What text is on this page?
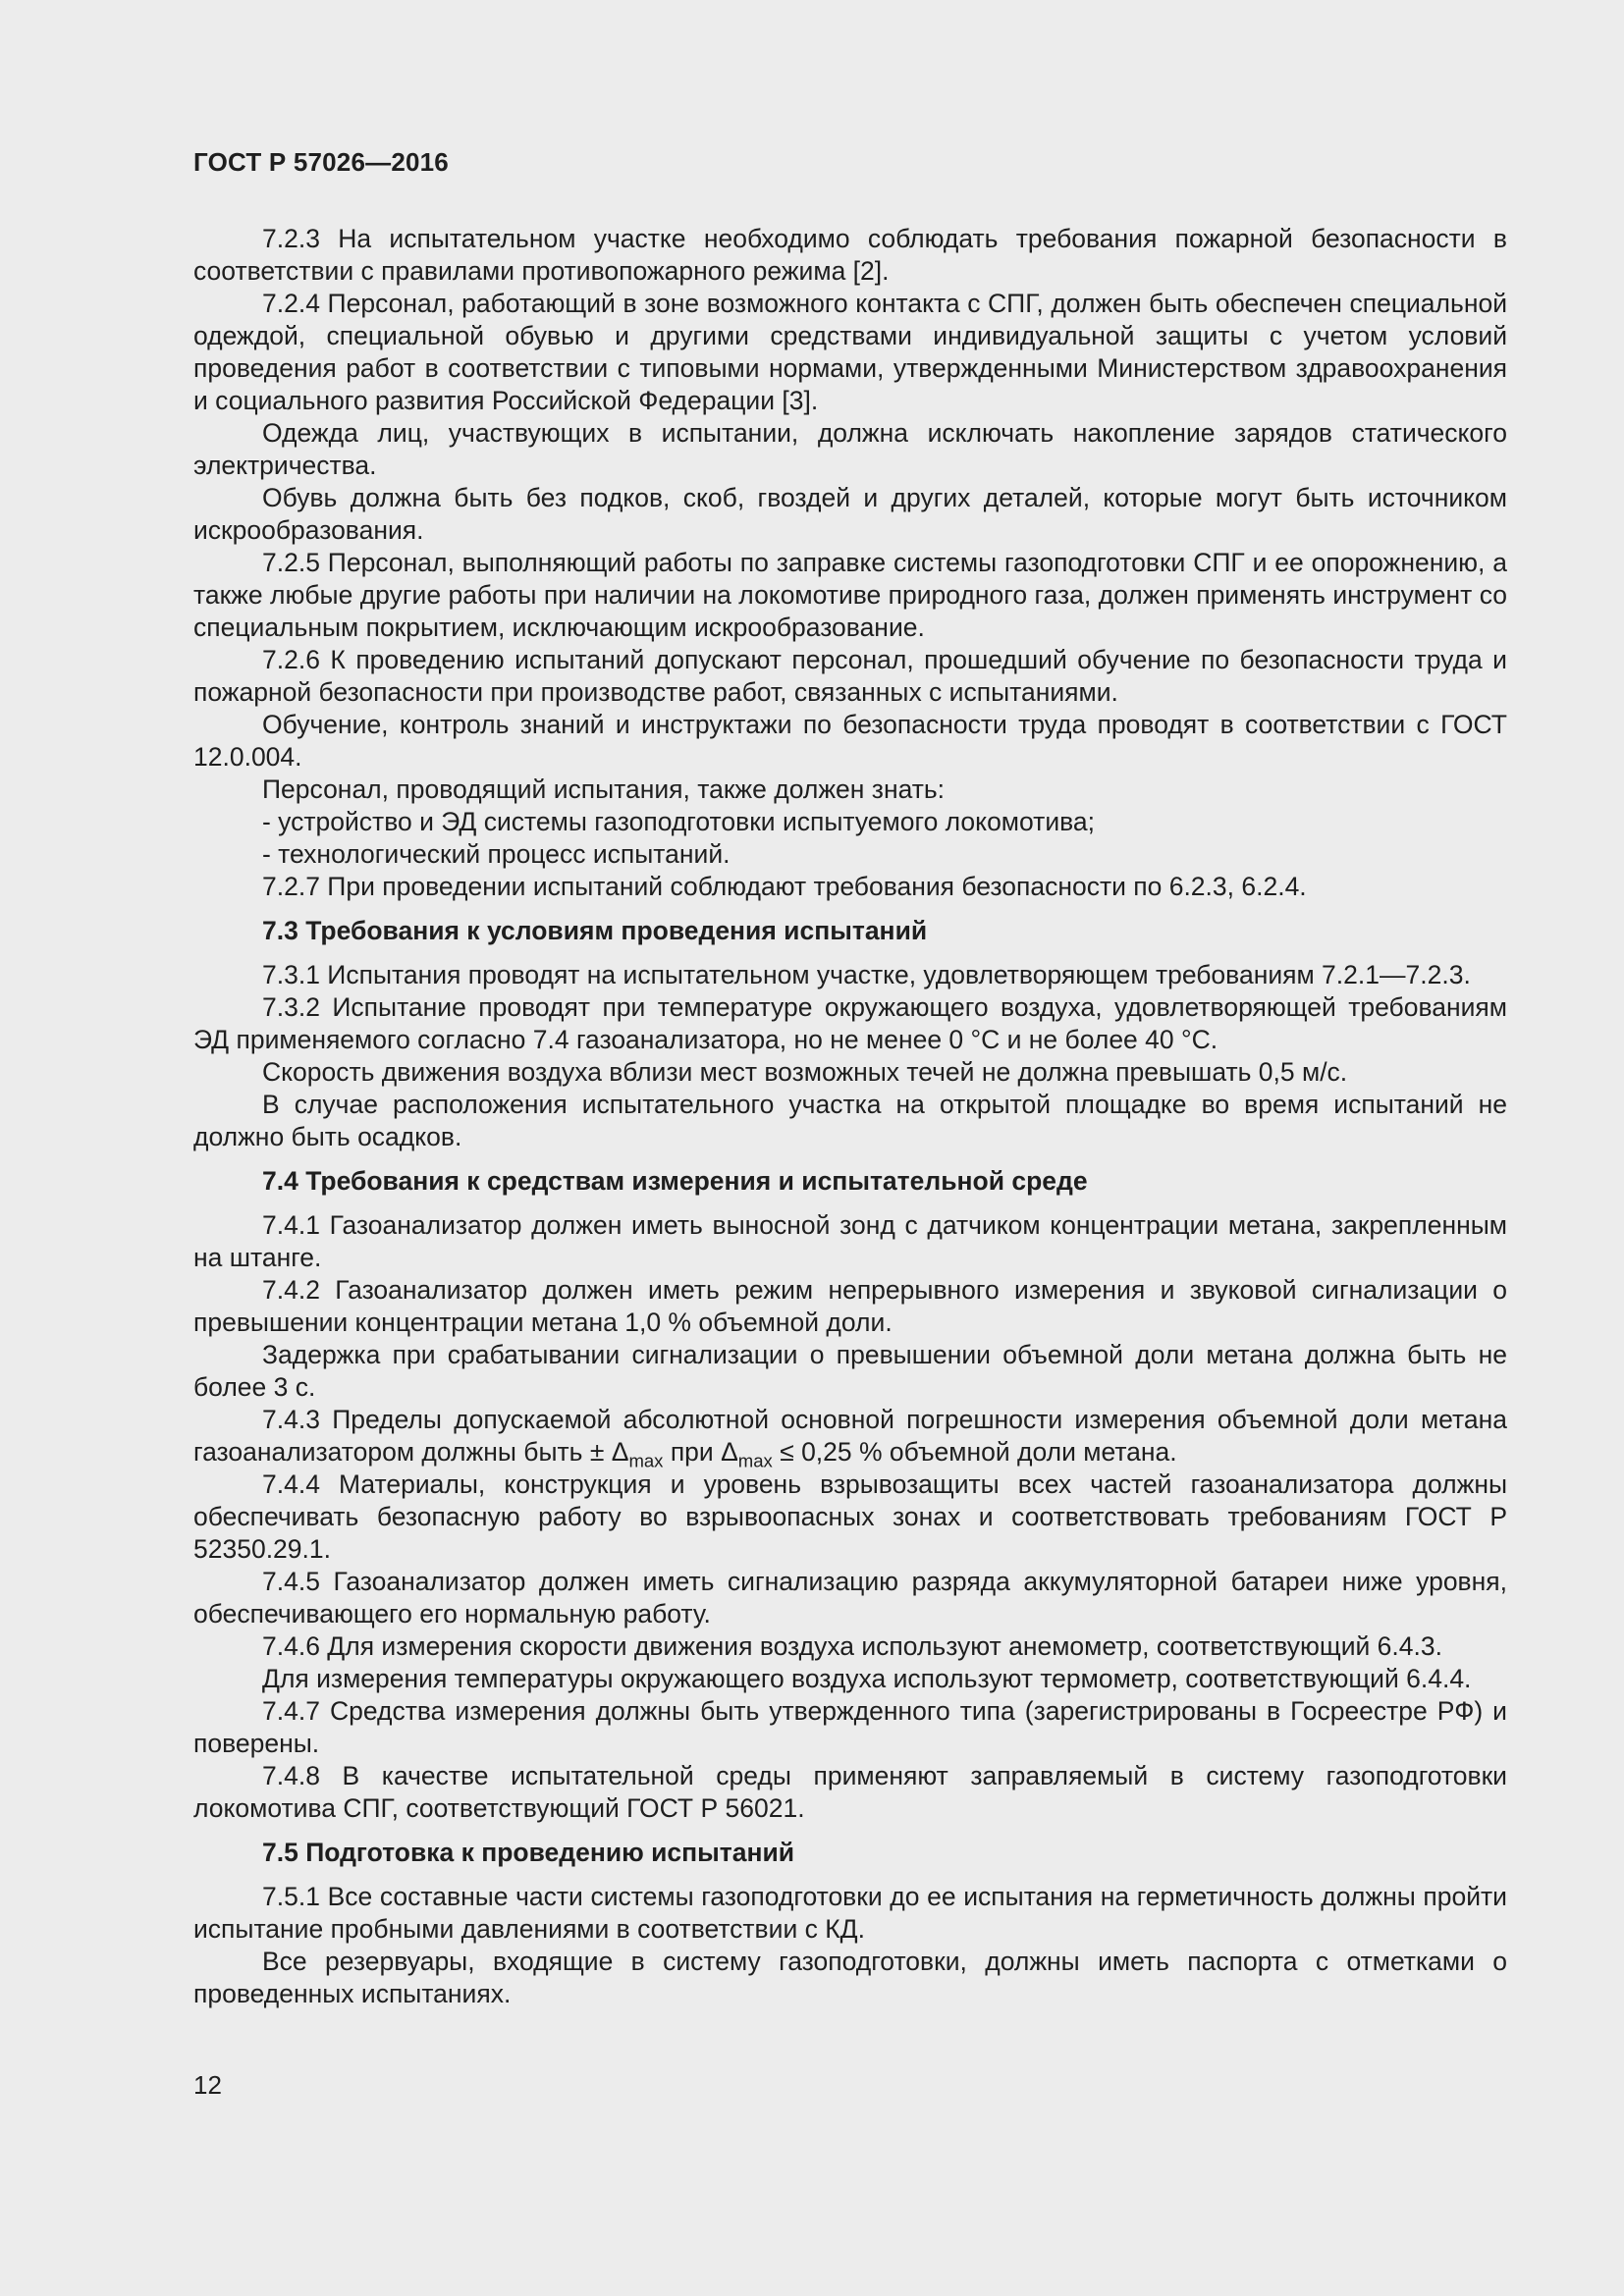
ГОСТ Р 57026—2016

7.2.3 На испытательном участке необходимо соблюдать требования пожарной безопасности в соответствии с правилами противопожарного режима [2].

7.2.4 Персонал, работающий в зоне возможного контакта с СПГ, должен быть обеспечен специальной одеждой, специальной обувью и другими средствами индивидуальной защиты с учетом условий проведения работ в соответствии с типовыми нормами, утвержденными Министерством здравоохранения и социального развития Российской Федерации [3].

Одежда лиц, участвующих в испытании, должна исключать накопление зарядов статического электричества.

Обувь должна быть без подков, скоб, гвоздей и других деталей, которые могут быть источником искрообразования.

7.2.5 Персонал, выполняющий работы по заправке системы газоподготовки СПГ и ее опорожнению, а также любые другие работы при наличии на локомотиве природного газа, должен применять инструмент со специальным покрытием, исключающим искрообразование.

7.2.6 К проведению испытаний допускают персонал, прошедший обучение по безопасности труда и пожарной безопасности при производстве работ, связанных с испытаниями.

Обучение, контроль знаний и инструктажи по безопасности труда проводят в соответствии с ГОСТ 12.0.004.

Персонал, проводящий испытания, также должен знать:

- устройство и ЭД системы газоподготовки испытуемого локомотива;

- технологический процесс испытаний.

7.2.7 При проведении испытаний соблюдают требования безопасности по 6.2.3, 6.2.4.

7.3 Требования к условиям проведения испытаний

7.3.1 Испытания проводят на испытательном участке, удовлетворяющем требованиям 7.2.1—7.2.3.

7.3.2 Испытание проводят при температуре окружающего воздуха, удовлетворяющей требованиям ЭД применяемого согласно 7.4 газоанализатора, но не менее 0 °С и не более 40 °С.

Скорость движения воздуха вблизи мест возможных течей не должна превышать 0,5 м/с.

В случае расположения испытательного участка на открытой площадке во время испытаний не должно быть осадков.

7.4 Требования к средствам измерения и испытательной среде

7.4.1 Газоанализатор должен иметь выносной зонд с датчиком концентрации метана, закрепленным на штанге.

7.4.2 Газоанализатор должен иметь режим непрерывного измерения и звуковой сигнализации о превышении концентрации метана 1,0 % объемной доли.

Задержка при срабатывании сигнализации о превышении объемной доли метана должна быть не более 3 с.

7.4.3 Пределы допускаемой абсолютной основной погрешности измерения объемной доли метана газоанализатором должны быть ± $\Delta_{max}$ при $\Delta_{max} \le 0,25$ % объемной доли метана.

7.4.4 Материалы, конструкция и уровень взрывозащиты всех частей газоанализатора должны обеспечивать безопасную работу во взрывоопасных зонах и соответствовать требованиям ГОСТ Р 52350.29.1.

7.4.5 Газоанализатор должен иметь сигнализацию разряда аккумуляторной батареи ниже уровня, обеспечивающего его нормальную работу.

7.4.6 Для измерения скорости движения воздуха используют анемометр, соответствующий 6.4.3.

Для измерения температуры окружающего воздуха используют термометр, соответствующий 6.4.4.

7.4.7 Средства измерения должны быть утвержденного типа (зарегистрированы в Госреестре РФ) и поверены.

7.4.8 В качестве испытательной среды применяют заправляемый в систему газоподготовки локомотива СПГ, соответствующий ГОСТ Р 56021.

7.5 Подготовка к проведению испытаний

7.5.1 Все составные части системы газоподготовки до ее испытания на герметичность должны пройти испытание пробными давлениями в соответствии с КД.

Все резервуары, входящие в систему газоподготовки, должны иметь паспорта с отметками о проведенных испытаниях.

12
